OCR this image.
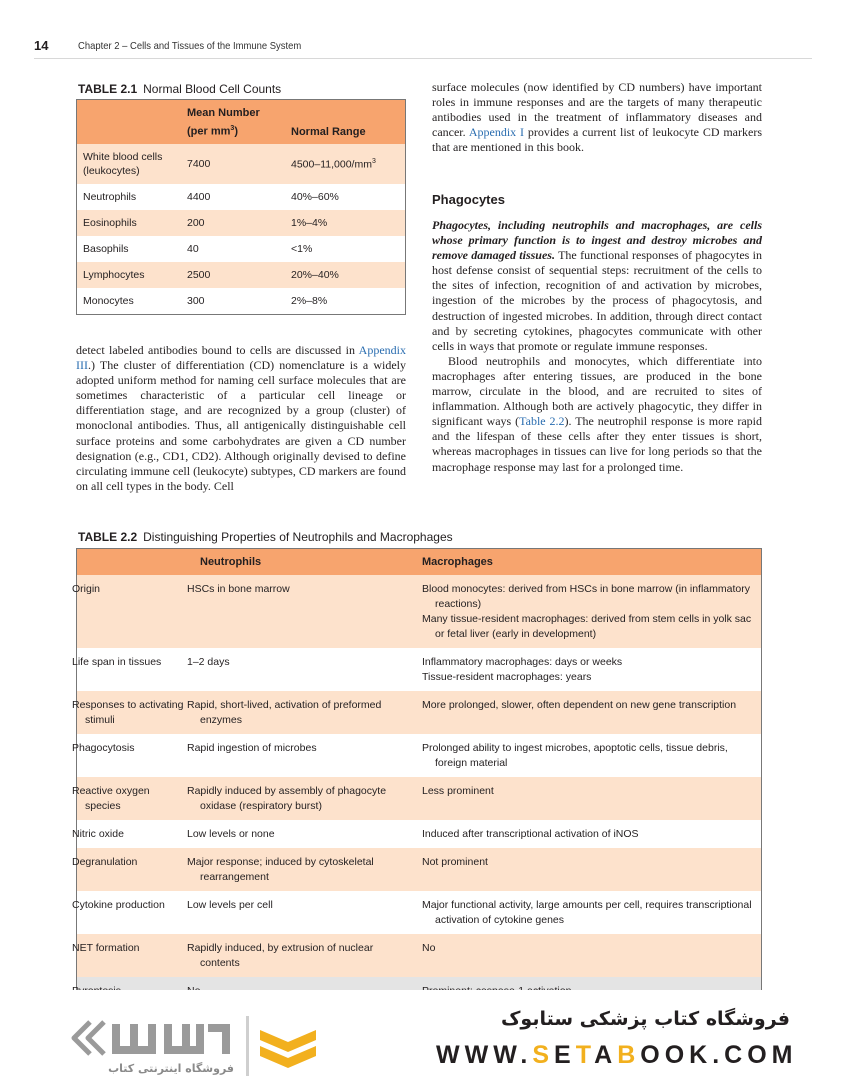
14	Chapter 2 – Cells and Tissues of the Immune System
TABLE 2.1 Normal Blood Cell Counts
	Mean Number
(per $mm^3$)	Normal Range
White blood cells (leukocytes)	7400	$4500-11,000/mm^3$
Neutrophils	4400	40%–60%
Eosinophils	200	1%–4%
Basophils	40	<1%
Lymphocytes	2500	20%–40%
Monocytes	300	2%–8%

detect labeled antibodies bound to cells are discussed in Appendix III.) The cluster of differentiation (CD) nomenclature is a widely adopted uniform method for naming cell surface molecules that are sometimes characteristic of a particular cell lineage or differentiation stage, and are recognized by a group (cluster) of monoclonal antibodies. Thus, all antigenically distinguishable cell surface proteins and some carbohydrates are given a CD number designation (e.g., CD1, CD2). Although originally devised to define circulating immune cell (leukocyte) subtypes, CD markers are found on all cell types in the body. Cell

surface molecules (now identified by CD numbers) have important roles in immune responses and are the targets of many therapeutic antibodies used in the treatment of inflammatory diseases and cancer. Appendix I provides a current list of leukocyte CD markers that are mentioned in this book.

Phagocytes

Phagocytes, including neutrophils and macrophages, are cells whose primary function is to ingest and destroy microbes and remove damaged tissues. The functional responses of phagocytes in host defense consist of sequential steps: recruitment of the cells to the sites of infection, recognition of and activation by microbes, ingestion of the microbes by the process of phagocytosis, and destruction of ingested microbes. In addition, through direct contact and by secreting cytokines, phagocytes communicate with other cells in ways that promote or regulate immune responses.

Blood neutrophils and monocytes, which differentiate into macrophages after entering tissues, are produced in the bone marrow, circulate in the blood, and are recruited to sites of inflammation. Although both are actively phagocytic, they differ in significant ways (Table 2.2). The neutrophil response is more rapid and the lifespan of these cells after they enter tissues is short, whereas macrophages in tissues can live for long periods so that the macrophage response may last for a prolonged time.

TABLE 2.2 Distinguishing Properties of Neutrophils and Macrophages
	Neutrophils	Macrophages
Origin	HSCs in bone marrow	Blood monocytes: derived from HSCs in bone marrow (in inflammatory reactions)
Many tissue-resident macrophages: derived from stem cells in yolk sac or fetal liver (early in development)

Life span in tissues	1–2 days	Inflammatory macrophages: days or weeks
Tissue-resident macrophages: years

Responses to activating stimuli	Rapid, short-lived, activation of preformed enzymes	More prolonged, slower, often dependent on new gene transcription

Phagocytosis	Rapid ingestion of microbes	Prolonged ability to ingest microbes, apoptotic cells, tissue debris, foreign material

Reactive oxygen species	Rapidly induced by assembly of phagocyte oxidase (respiratory burst)	Less prominent

Nitric oxide	Low levels or none	Induced after transcriptional activation of iNOS

Degranulation	Major response; induced by cytoskeletal rearrangement	Not prominent

Cytokine production	Low levels per cell	Major functional activity, large amounts per cell, requires transcriptional activation of cytokine genes

NET formation	Rapidly induced, by extrusion of nuclear contents	No

فروشگاه اینترنتی کتاب
فروشگاه کتاب پزشکی ستابوک
WWW.SETABOOK.COM
